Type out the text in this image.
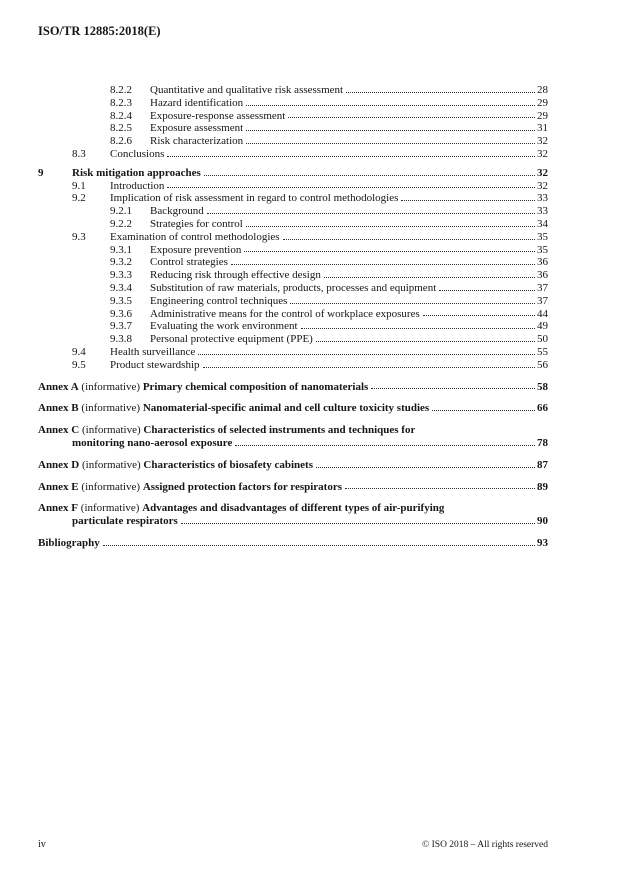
ISO/TR 12885:2018(E)
8.2.2	Quantitative and qualitative risk assessment	28
8.2.3	Hazard identification	29
8.2.4	Exposure-response assessment	29
8.2.5	Exposure assessment	31
8.2.6	Risk characterization	32
8.3	Conclusions	32
9	Risk mitigation approaches	32
9.1	Introduction	32
9.2	Implication of risk assessment in regard to control methodologies	33
9.2.1	Background	33
9.2.2	Strategies for control	34
9.3	Examination of control methodologies	35
9.3.1	Exposure prevention	35
9.3.2	Control strategies	36
9.3.3	Reducing risk through effective design	36
9.3.4	Substitution of raw materials, products, processes and equipment	37
9.3.5	Engineering control techniques	37
9.3.6	Administrative means for the control of workplace exposures	44
9.3.7	Evaluating the work environment	49
9.3.8	Personal protective equipment (PPE)	50
9.4	Health surveillance	55
9.5	Product stewardship	56
Annex A (informative) Primary chemical composition of nanomaterials	58
Annex B (informative) Nanomaterial-specific animal and cell culture toxicity studies	66
Annex C (informative) Characteristics of selected instruments and techniques for
monitoring nano-aerosol exposure	78
Annex D (informative) Characteristics of biosafety cabinets	87
Annex E (informative) Assigned protection factors for respirators	89
Annex F (informative) Advantages and disadvantages of different types of air-purifying
particulate respirators	90
Bibliography	93
iv	© ISO 2018 – All rights reserved
